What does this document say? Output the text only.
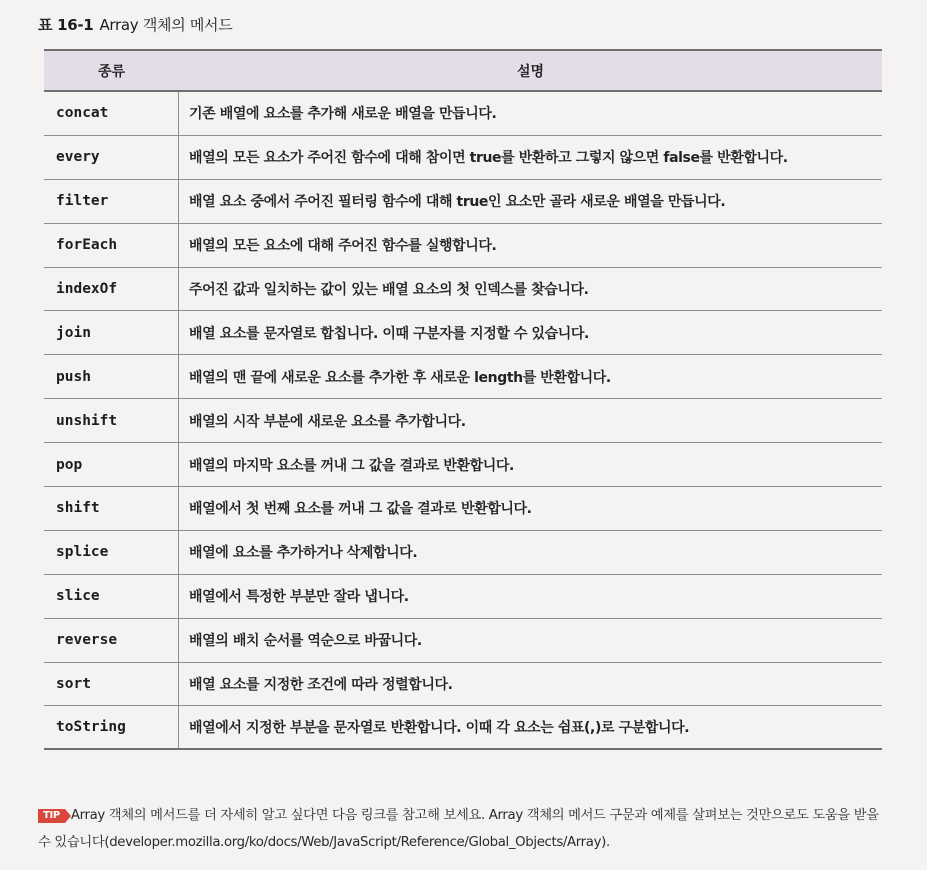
표 16-1 Array 객체의 메서드
종류	설명
concat	기존 배열에 요소를 추가해 새로운 배열을 만듭니다.
every	배열의 모든 요소가 주어진 함수에 대해 참이면 true를 반환하고 그렇지 않으면 false를 반환합니다.
filter	배열 요소 중에서 주어진 필터링 함수에 대해 true인 요소만 골라 새로운 배열을 만듭니다.
forEach	배열의 모든 요소에 대해 주어진 함수를 실행합니다.
indexOf	주어진 값과 일치하는 값이 있는 배열 요소의 첫 인덱스를 찾습니다.
join	배열 요소를 문자열로 합칩니다. 이때 구분자를 지정할 수 있습니다.
push	배열의 맨 끝에 새로운 요소를 추가한 후 새로운 length를 반환합니다.
unshift	배열의 시작 부분에 새로운 요소를 추가합니다.
pop	배열의 마지막 요소를 꺼내 그 값을 결과로 반환합니다.
shift	배열에서 첫 번째 요소를 꺼내 그 값을 결과로 반환합니다.
splice	배열에 요소를 추가하거나 삭제합니다.
slice	배열에서 특정한 부분만 잘라 냅니다.
reverse	배열의 배치 순서를 역순으로 바꿉니다.
sort	배열 요소를 지정한 조건에 따라 정렬합니다.
toString	배열에서 지정한 부분을 문자열로 반환합니다. 이때 각 요소는 쉼표(,)로 구분합니다.
TIP Array 객체의 메서드를 더 자세히 알고 싶다면 다음 링크를 참고해 보세요. Array 객체의 메서드 구문과 예제를 살펴보는 것만으로도 도움을 받을 수 있습니다(developer.mozilla.org/ko/docs/Web/JavaScript/Reference/Global_Objects/Array).
